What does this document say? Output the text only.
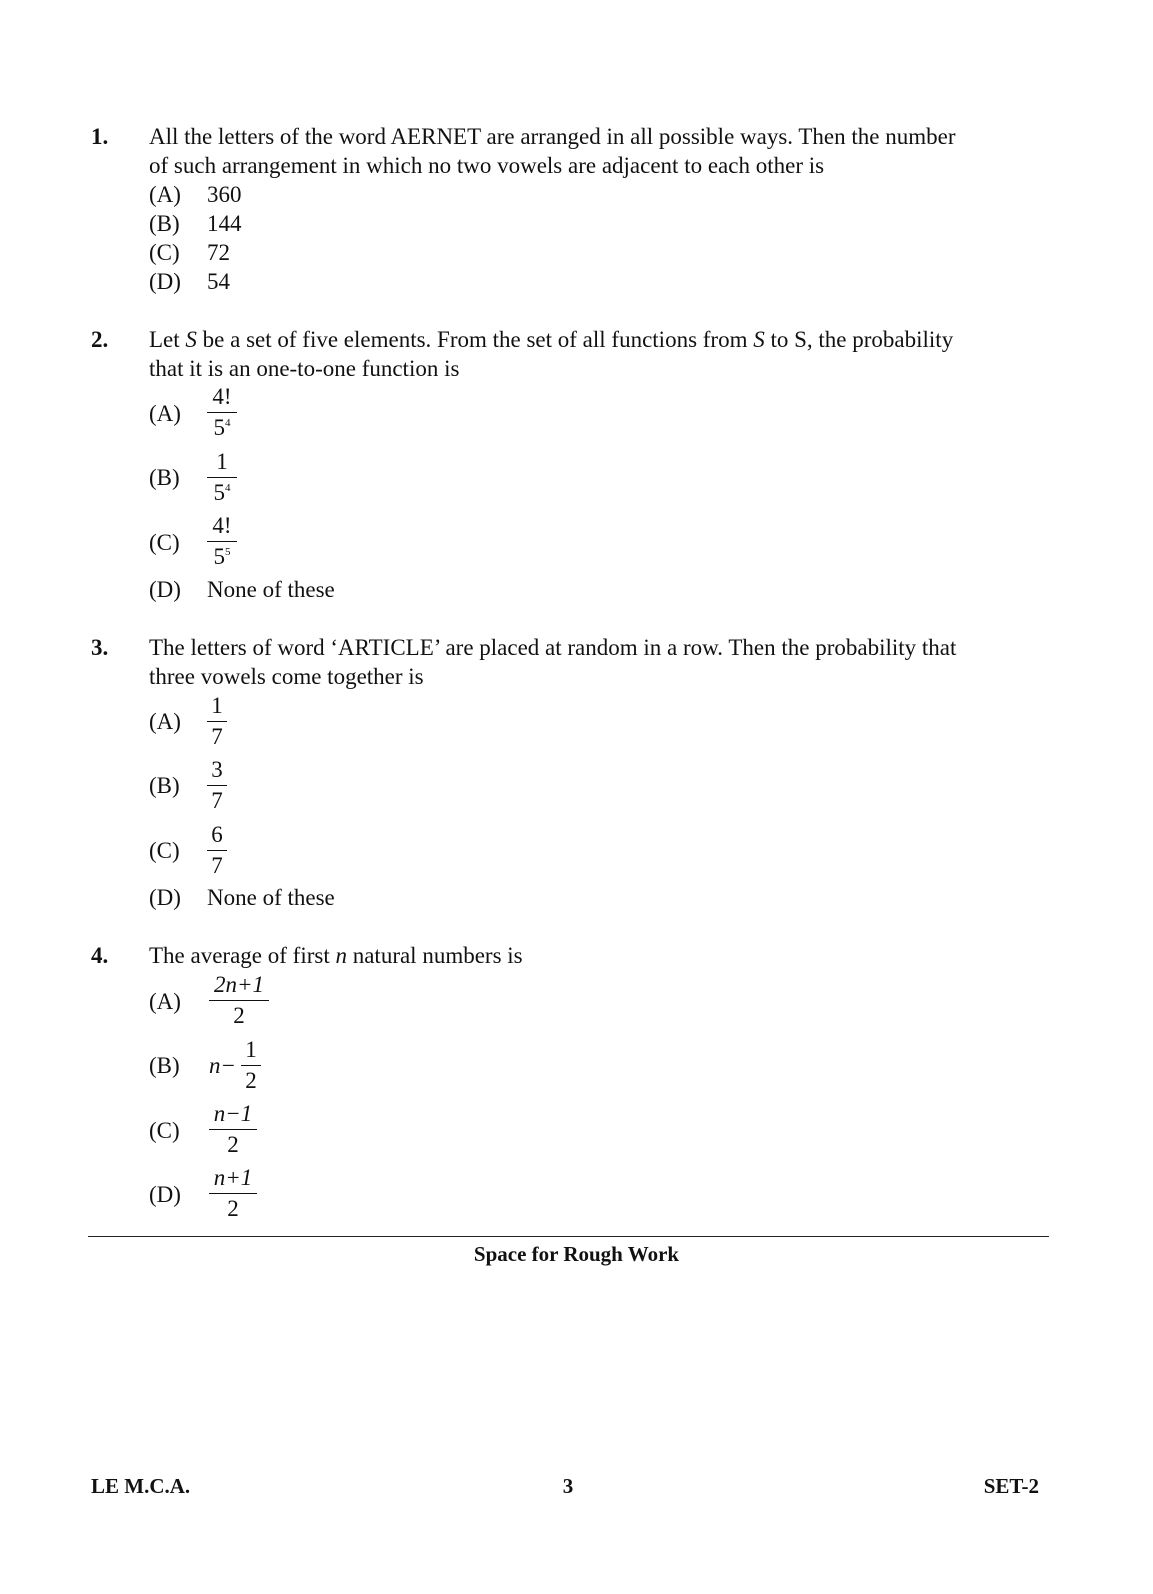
1. All the letters of the word AERNET are arranged in all possible ways. Then the number
of such arrangement in which no two vowels are adjacent to each other is
(A) 360
(B) 144
(C) 72
(D) 54
2. Let S be a set of five elements. From the set of all functions from S to S, the probability
that it is an one-to-one function is
$(A) \frac{4!}{5^4}$
$(B) \frac{1}{5^4}$
$(C) \frac{4!}{5^5}$
(D) None of these
3. The letters of word ‘ARTICLE’ are placed at random in a row. Then the probability that
three vowels come together is
$(A) \frac{1}{7}$
$(B) \frac{3}{7}$
$(C) \frac{6}{7}$
(D) None of these
4. The average of first n natural numbers is
$(A) \frac{2n+1}{2}$
(B) $n- \frac{1}{2}$
$(C) \frac{n-1}{2}$
$(D) \frac{n+1}{2}$
Space for Rough Work
LE M.C.A.	3	SET-2
